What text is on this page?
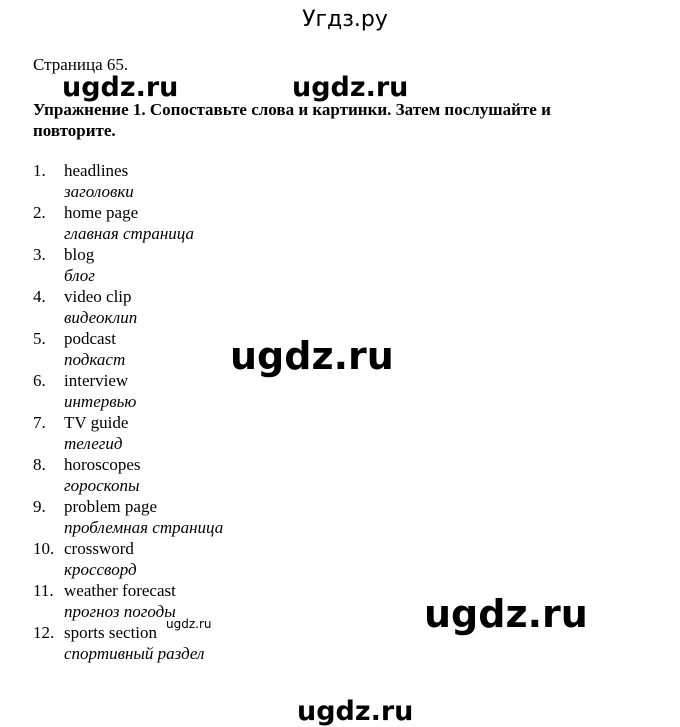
Угдз.ру
Страница 65.
Упражнение 1. Сопоставьте слова и картинки. Затем послушайте и повторите.
1. headlines
заголовки
2. home page
главная страница
3. blog
блог
4. video clip
видеоклип
5. podcast
подкаст
6. interview
интервью
7. TV guide
телегид
8. horoscopes
гороскопы
9. problem page
проблемная страница
10. crossword
кроссворд
11. weather forecast
прогноз погоды
12. sports section
спортивный раздел
ugdz.ru	ugdz.ru
ugdz.ru
ugdz.ru
ugdz.ru
ugdz.ru
